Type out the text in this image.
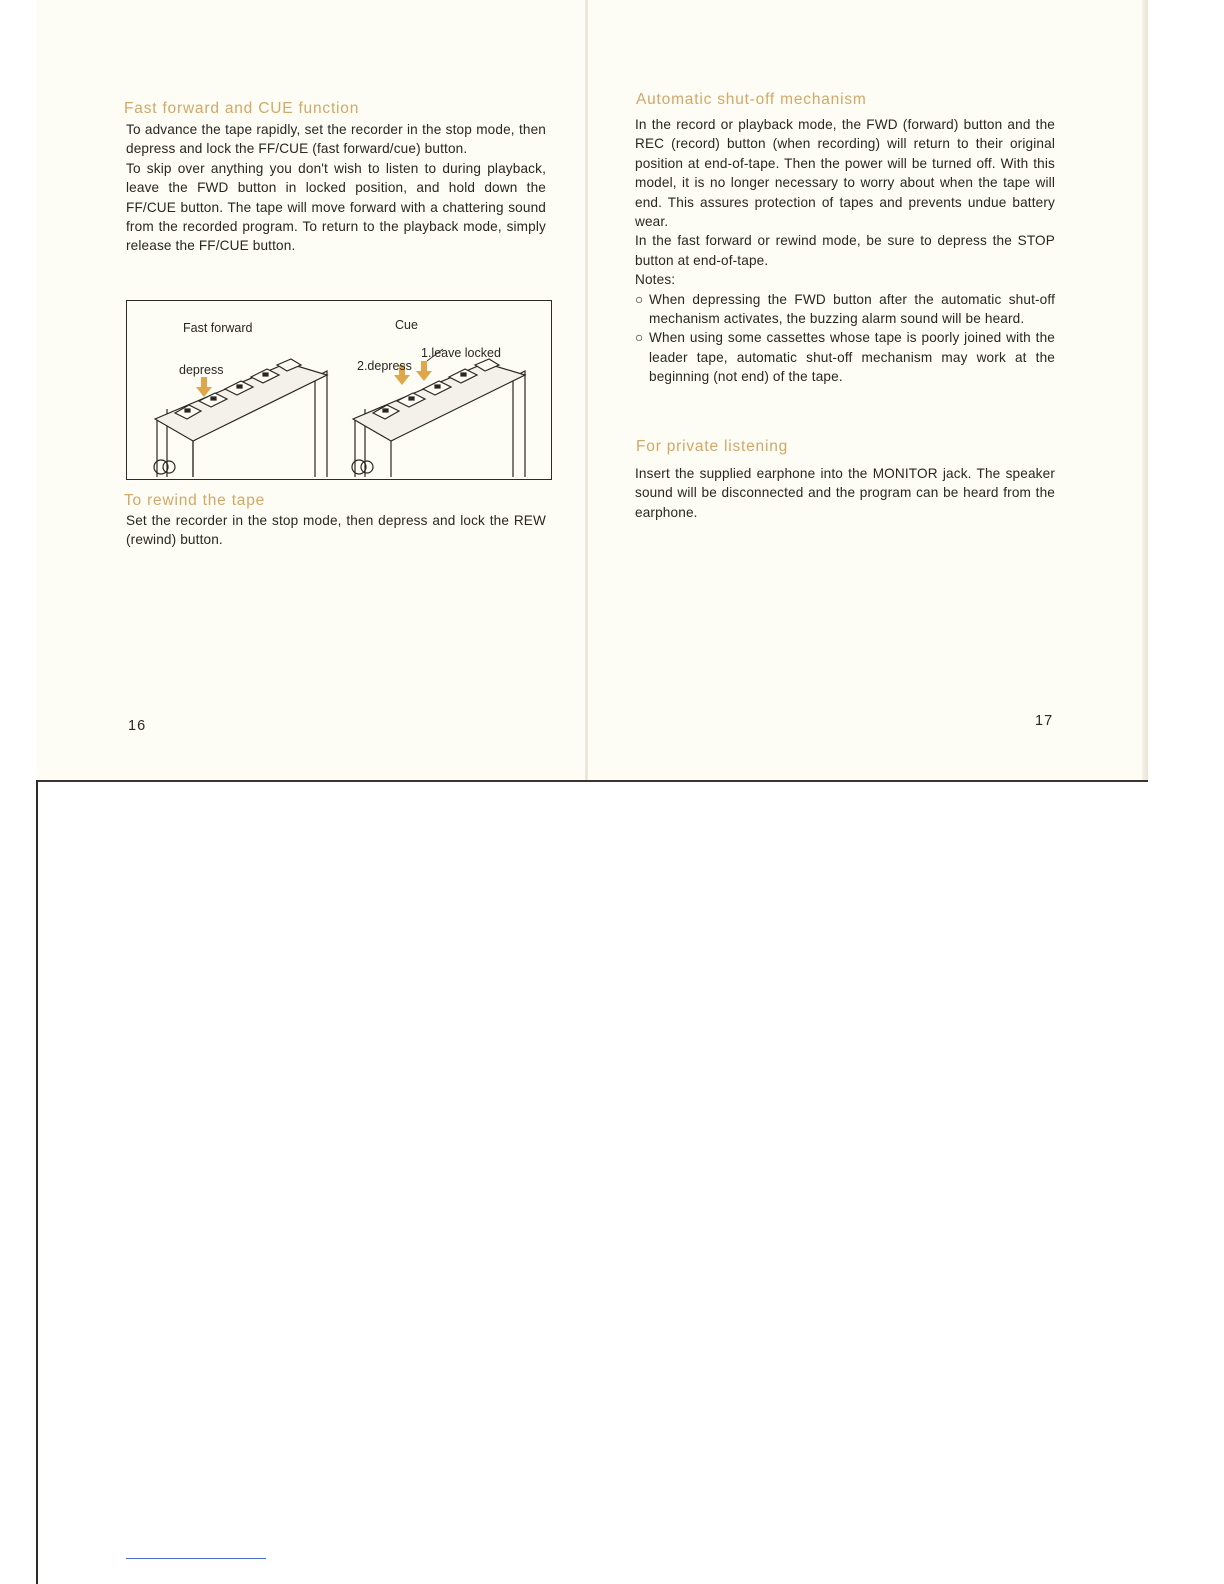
Fast forward and CUE function

To advance the tape rapidly, set the recorder in the stop mode, then depress and lock the FF/CUE (fast forward/cue) button.

To skip over anything you don't wish to listen to during playback, leave the FWD button in locked position, and hold down the FF/CUE button. The tape will move forward with a chattering sound from the recorded program. To return to the playback mode, simply release the FF/CUE button.

Fast forward
depress
Cue
1.leave locked
2.depress
To rewind the tape

Set the recorder in the stop mode, then depress and lock the REW (rewind) button.

16
Automatic shut-off mechanism

In the record or playback mode, the FWD (forward) button and the REC (record) button (when recording) will return to their original position at end-of-tape. Then the power will be turned off. With this model, it is no longer necessary to worry about when the tape will end. This assures protection of tapes and prevents undue battery wear.

In the fast forward or rewind mode, be sure to depress the STOP button at end-of-tape.

Notes:

○ When depressing the FWD button after the automatic shut-off mechanism activates, the buzzing alarm sound will be heard.
○ When using some cassettes whose tape is poorly joined with the leader tape, automatic shut-off mechanism may work at the beginning (not end) of the tape.
For private listening

Insert the supplied earphone into the MONITOR jack. The speaker sound will be disconnected and the program can be heard from the earphone.

17
